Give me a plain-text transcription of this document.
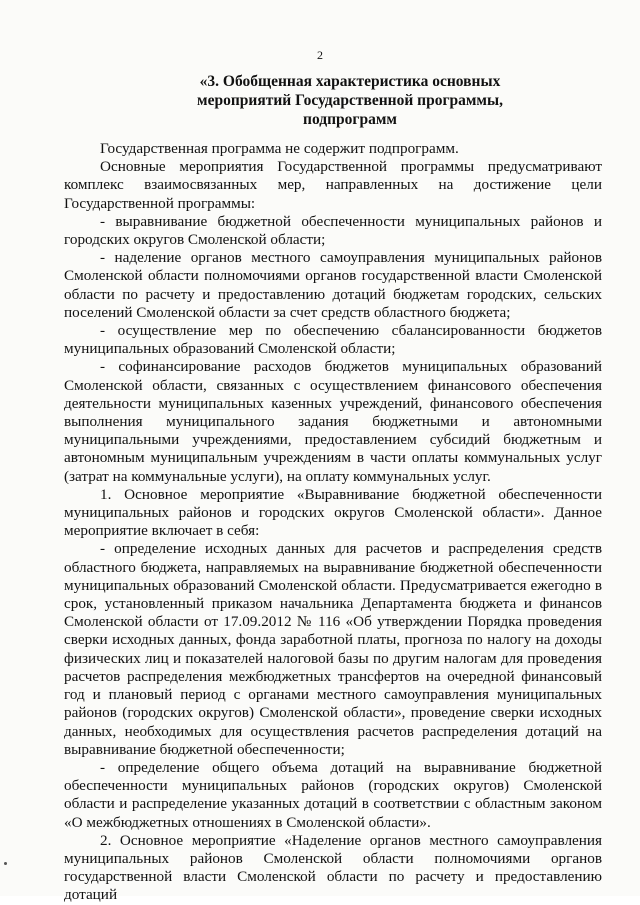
2
«3. Обобщенная характеристика основных
мероприятий Государственной программы,
подпрограмм

Государственная программа не содержит подпрограмм.

Основные мероприятия Государственной программы предусматривают комплекс взаимосвязанных мер, направленных на достижение цели Государственной программы:

- выравнивание бюджетной обеспеченности муниципальных районов и городских округов Смоленской области;

- наделение органов местного самоуправления муниципальных районов Смоленской области полномочиями органов государственной власти Смоленской области по расчету и предоставлению дотаций бюджетам городских, сельских поселений Смоленской области за счет средств областного бюджета;

- осуществление мер по обеспечению сбалансированности бюджетов муниципальных образований Смоленской области;

- софинансирование расходов бюджетов муниципальных образований Смоленской области, связанных с осуществлением финансового обеспечения деятельности муниципальных казенных учреждений, финансового обеспечения выполнения муниципального задания бюджетными и автономными муниципальными учреждениями, предоставлением субсидий бюджетным и автономным муниципальным учреждениям в части оплаты коммунальных услуг (затрат на коммунальные услуги), на оплату коммунальных услуг.

1. Основное мероприятие «Выравнивание бюджетной обеспеченности муниципальных районов и городских округов Смоленской области». Данное мероприятие включает в себя:

- определение исходных данных для расчетов и распределения средств областного бюджета, направляемых на выравнивание бюджетной обеспеченности муниципальных образований Смоленской области. Предусматривается ежегодно в срок, установленный приказом начальника Департамента бюджета и финансов Смоленской области от 17.09.2012 № 116 «Об утверждении Порядка проведения сверки исходных данных, фонда заработной платы, прогноза по налогу на доходы физических лиц и показателей налоговой базы по другим налогам для проведения расчетов распределения межбюджетных трансфертов на очередной финансовый год и плановый период с органами местного самоуправления муниципальных районов (городских округов) Смоленской области», проведение сверки исходных данных, необходимых для осуществления расчетов распределения дотаций на выравнивание бюджетной обеспеченности;

- определение общего объема дотаций на выравнивание бюджетной обеспеченности муниципальных районов (городских округов) Смоленской области и распределение указанных дотаций в соответствии с областным законом «О межбюджетных отношениях в Смоленской области».

2. Основное мероприятие «Наделение органов местного самоуправления муниципальных районов Смоленской области полномочиями органов государственной власти Смоленской области по расчету и предоставлению дотаций
